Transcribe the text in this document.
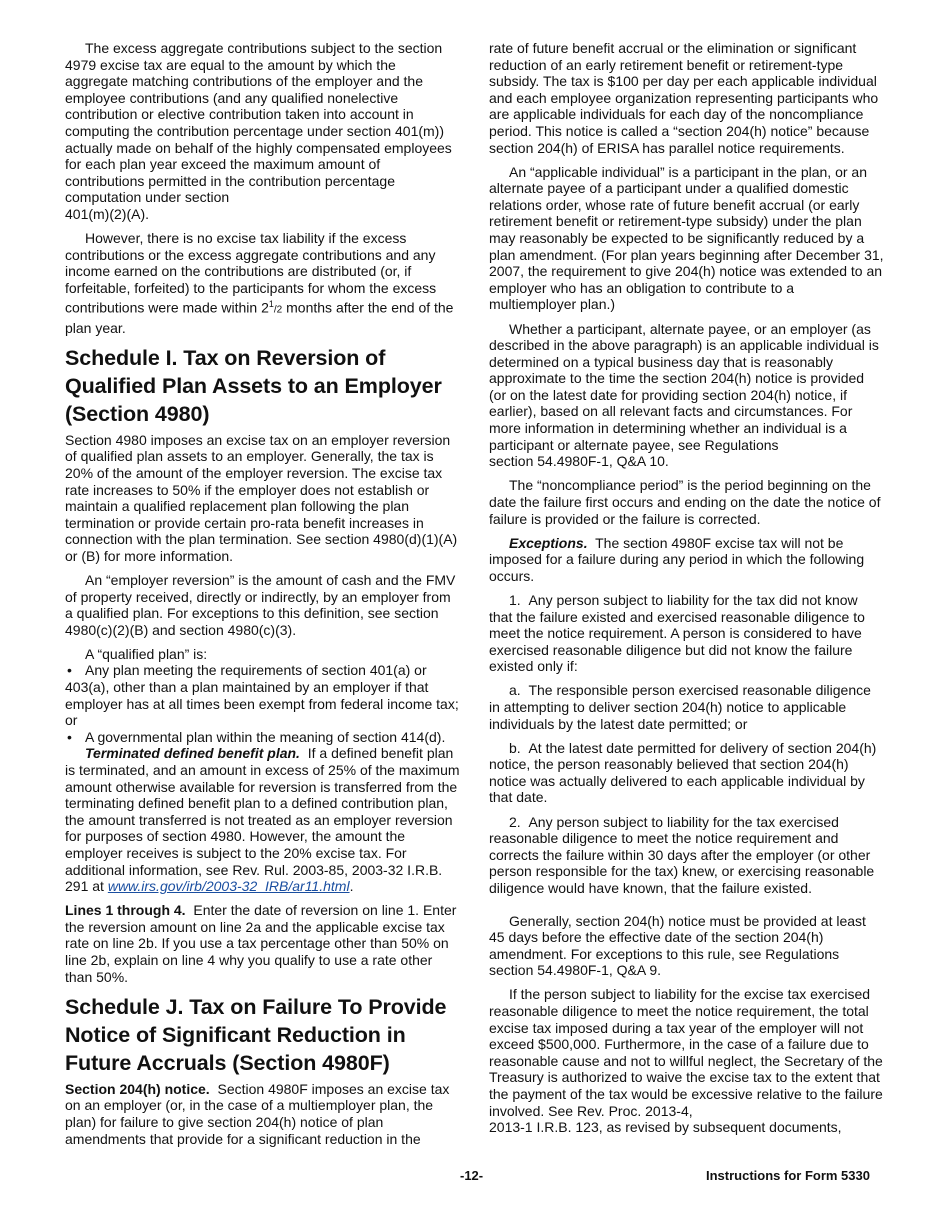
The excess aggregate contributions subject to the section 4979 excise tax are equal to the amount by which the aggregate matching contributions of the employer and the employee contributions (and any qualified nonelective contribution or elective contribution taken into account in computing the contribution percentage under section 401(m)) actually made on behalf of the highly compensated employees for each plan year exceed the maximum amount of contributions permitted in the contribution percentage computation under section
401(m)(2)(A).

However, there is no excise tax liability if the excess contributions or the excess aggregate contributions and any income earned on the contributions are distributed (or, if forfeitable, forfeited) to the participants for whom the excess contributions were made within $2^1/2$ months after the end of the plan year.

Schedule I. Tax on Reversion of Qualified Plan Assets to an Employer (Section 4980)

Section 4980 imposes an excise tax on an employer reversion of qualified plan assets to an employer. Generally, the tax is 20% of the amount of the employer reversion. The excise tax rate increases to 50% if the employer does not establish or maintain a qualified replacement plan following the plan termination or provide certain pro-rata benefit increases in connection with the plan termination. See section 4980(d)(1)(A) or (B) for more information.

An “employer reversion” is the amount of cash and the FMV of property received, directly or indirectly, by an employer from a qualified plan. For exceptions to this definition, see section 4980(c)(2)(B) and section 4980(c)(3).

A “qualified plan” is:

• Any plan meeting the requirements of section 401(a) or 403(a), other than a plan maintained by an employer if that employer has at all times been exempt from federal income tax; or

• A governmental plan within the meaning of section 414(d).

Terminated defined benefit plan. If a defined benefit plan is terminated, and an amount in excess of 25% of the maximum amount otherwise available for reversion is transferred from the terminating defined benefit plan to a defined contribution plan, the amount transferred is not treated as an employer reversion for purposes of section 4980. However, the amount the employer receives is subject to the 20% excise tax. For additional information, see Rev. Rul. 2003-85, 2003-32 I.R.B. 291 at www.irs.gov/irb/2003-32_IRB/ar11.html.

Lines 1 through 4. Enter the date of reversion on line 1. Enter the reversion amount on line 2a and the applicable excise tax rate on line 2b. If you use a tax percentage other than 50% on line 2b, explain on line 4 why you qualify to use a rate other than 50%.

Schedule J. Tax on Failure To Provide Notice of Significant Reduction in Future Accruals (Section 4980F)

Section 204(h) notice. Section 4980F imposes an excise tax on an employer (or, in the case of a multiemployer plan, the plan) for failure to give section 204(h) notice of plan amendments that provide for a significant reduction in the

rate of future benefit accrual or the elimination or significant reduction of an early retirement benefit or retirement-type subsidy. The tax is $100 per day per each applicable individual and each employee organization representing participants who are applicable individuals for each day of the noncompliance period. This notice is called a “section 204(h) notice” because section 204(h) of ERISA has parallel notice requirements.

An “applicable individual” is a participant in the plan, or an alternate payee of a participant under a qualified domestic relations order, whose rate of future benefit accrual (or early retirement benefit or retirement-type subsidy) under the plan may reasonably be expected to be significantly reduced by a plan amendment. (For plan years beginning after December 31, 2007, the requirement to give 204(h) notice was extended to an employer who has an obligation to contribute to a multiemployer plan.)

Whether a participant, alternate payee, or an employer (as described in the above paragraph) is an applicable individual is determined on a typical business day that is reasonably approximate to the time the section 204(h) notice is provided (or on the latest date for providing section 204(h) notice, if earlier), based on all relevant facts and circumstances. For more information in determining whether an individual is a participant or alternate payee, see Regulations
section 54.4980F-1, Q&A 10.

The “noncompliance period” is the period beginning on the date the failure first occurs and ending on the date the notice of failure is provided or the failure is corrected.

Exceptions. The section 4980F excise tax will not be imposed for a failure during any period in which the following occurs.

1.  Any person subject to liability for the tax did not know that the failure existed and exercised reasonable diligence to meet the notice requirement. A person is considered to have exercised reasonable diligence but did not know the failure existed only if:

a.  The responsible person exercised reasonable diligence in attempting to deliver section 204(h) notice to applicable individuals by the latest date permitted; or

b.  At the latest date permitted for delivery of section 204(h) notice, the person reasonably believed that section 204(h) notice was actually delivered to each applicable individual by that date.

2.  Any person subject to liability for the tax exercised reasonable diligence to meet the notice requirement and corrects the failure within 30 days after the employer (or other person responsible for the tax) knew, or exercising reasonable diligence would have known, that the failure existed.

Generally, section 204(h) notice must be provided at least 45 days before the effective date of the section 204(h) amendment. For exceptions to this rule, see Regulations section 54.4980F-1, Q&A 9.

If the person subject to liability for the excise tax exercised reasonable diligence to meet the notice requirement, the total excise tax imposed during a tax year of the employer will not exceed $500,000. Furthermore, in the case of a failure due to reasonable cause and not to willful neglect, the Secretary of the Treasury is authorized to waive the excise tax to the extent that the payment of the tax would be excessive relative to the failure involved. See Rev. Proc. 2013-4,
2013-1 I.R.B. 123, as revised by subsequent documents,

-12-	Instructions for Form 5330
